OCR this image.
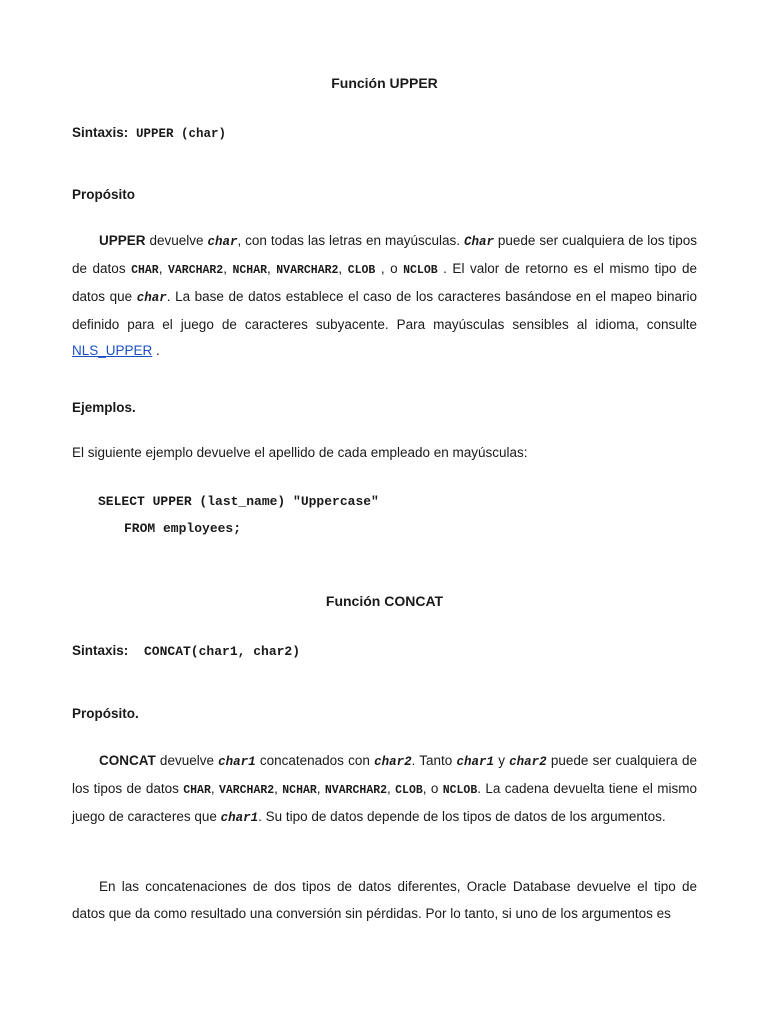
Función UPPER
Sintaxis: UPPER (char)
Propósito

UPPER devuelve char, con todas las letras en mayúsculas. Char puede ser cualquiera de los tipos de datos CHAR, VARCHAR2, NCHAR, NVARCHAR2, CLOB , o NCLOB . El valor de retorno es el mismo tipo de datos que char. La base de datos establece el caso de los caracteres basándose en el mapeo binario definido para el juego de caracteres subyacente. Para mayúsculas sensibles al idioma, consulte NLS_UPPER .

Ejemplos.

El siguiente ejemplo devuelve el apellido de cada empleado en mayúsculas:

SELECT UPPER (last_name) "Uppercase"
FROM employees;
Función CONCAT
Sintaxis: CONCAT(char1, char2)
Propósito.

CONCAT devuelve char1 concatenados con char2. Tanto char1 y char2 puede ser cualquiera de los tipos de datos CHAR, VARCHAR2, NCHAR, NVARCHAR2, CLOB, o NCLOB. La cadena devuelta tiene el mismo juego de caracteres que char1. Su tipo de datos depende de los tipos de datos de los argumentos.

En las concatenaciones de dos tipos de datos diferentes, Oracle Database devuelve el tipo de datos que da como resultado una conversión sin pérdidas. Por lo tanto, si uno de los argumentos es
